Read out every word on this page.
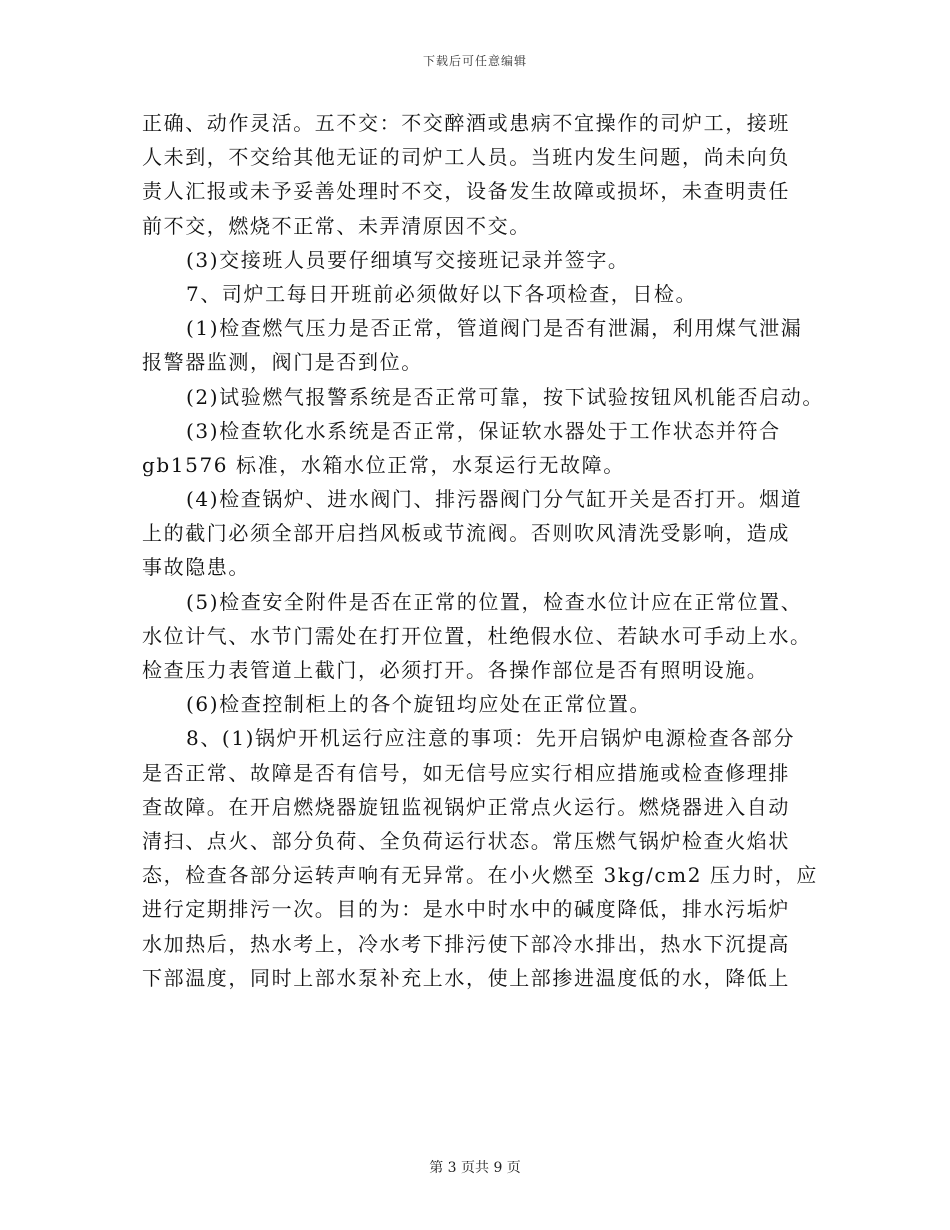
下载后可任意编辑
正确、动作灵活。五不交：不交醉酒或患病不宜操作的司炉工，接班
人未到，不交给其他无证的司炉工人员。当班内发生问题，尚未向负
责人汇报或未予妥善处理时不交，设备发生故障或损坏，未查明责任
前不交，燃烧不正常、未弄清原因不交。
(3)交接班人员要仔细填写交接班记录并签字。
7、司炉工每日开班前必须做好以下各项检查，日检。
(1)检查燃气压力是否正常，管道阀门是否有泄漏，利用煤气泄漏
报警器监测，阀门是否到位。
(2)试验燃气报警系统是否正常可靠，按下试验按钮风机能否启动。
(3)检查软化水系统是否正常，保证软水器处于工作状态并符合
gb1576 标准，水箱水位正常，水泵运行无故障。
(4)检查锅炉、进水阀门、排污器阀门分气缸开关是否打开。烟道
上的截门必须全部开启挡风板或节流阀。否则吹风清洗受影响，造成
事故隐患。
(5)检查安全附件是否在正常的位置，检查水位计应在正常位置、
水位计气、水节门需处在打开位置，杜绝假水位、若缺水可手动上水。
检查压力表管道上截门，必须打开。各操作部位是否有照明设施。
(6)检查控制柜上的各个旋钮均应处在正常位置。
8、(1)锅炉开机运行应注意的事项：先开启锅炉电源检查各部分
是否正常、故障是否有信号，如无信号应实行相应措施或检查修理排
查故障。在开启燃烧器旋钮监视锅炉正常点火运行。燃烧器进入自动
清扫、点火、部分负荷、全负荷运行状态。常压燃气锅炉检查火焰状
态，检查各部分运转声响有无异常。在小火燃至 3kg/cm2 压力时，应
进行定期排污一次。目的为：是水中时水中的碱度降低，排水污垢炉
水加热后，热水考上，冷水考下排污使下部冷水排出，热水下沉提高
下部温度，同时上部水泵补充上水，使上部掺进温度低的水，降低上
第 3 页共 9 页
